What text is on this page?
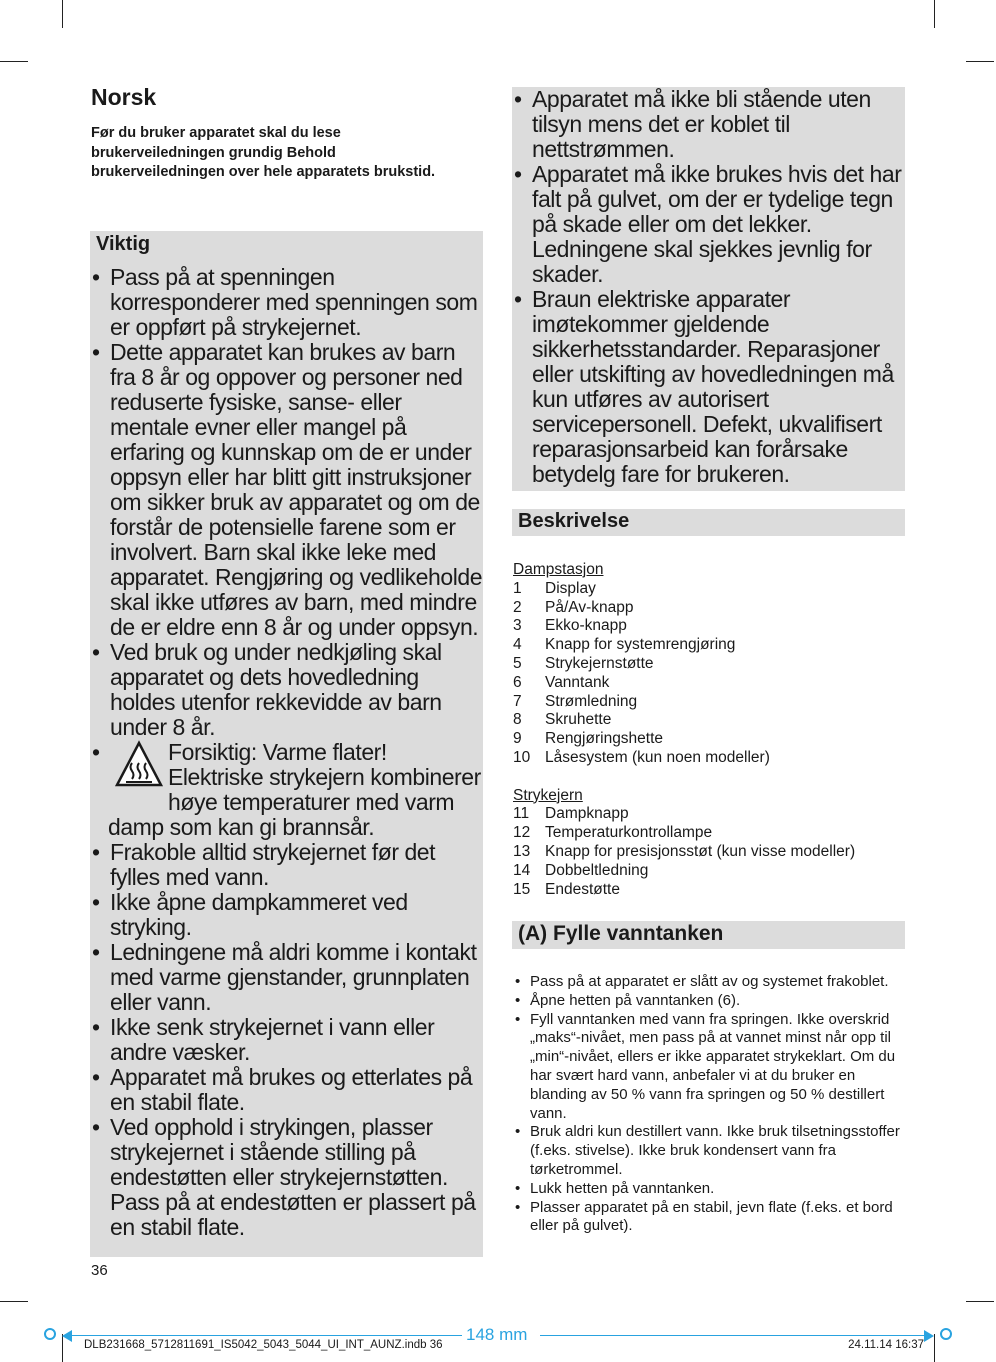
Norsk
Før du bruker apparatet skal du lese brukerveiledningen grundig Behold brukerveiledningen over hele apparatets brukstid.
Viktig
• Pass på at spenningen korresponderer med spenningen som er oppført på strykejernet.
• Dette apparatet kan brukes av barn fra 8 år og oppover og personer ned reduserte fysiske, sanse- eller mentale evner eller mangel på erfaring og kunnskap om de er under oppsyn eller har blitt gitt instruksjoner om sikker bruk av apparatet og om de forstår de potensielle farene som er involvert. Barn skal ikke leke med apparatet. Rengjøring og vedlikeholde skal ikke utføres av barn, med mindre de er eldre enn 8 år og under oppsyn.
• Ved bruk og under nedkjøling skal apparatet og dets hovedledning holdes utenfor rekkevidde av barn under 8 år.
• Forsiktig: Varme flater! Elektriske strykejern kombinerer høye temperaturer med varm damp som kan gi brannsår.
• Frakoble alltid strykejernet før det fylles med vann.
• Ikke åpne dampkammeret ved stryking.
• Ledningene må aldri komme i kontakt med varme gjenstander, grunnplaten eller vann.
• Ikke senk strykejernet i vann eller andre væsker.
• Apparatet må brukes og etterlates på en stabil flate.
• Ved opphold i strykingen, plasser strykejernet i stående stilling på endestøtten eller strykejernstøtten. Pass på at endestøtten er plassert på en stabil flate.
• Apparatet må ikke bli stående uten tilsyn mens det er koblet til nettstrømmen.
• Apparatet må ikke brukes hvis det har falt på gulvet, om der er tydelige tegn på skade eller om det lekker. Ledningene skal sjekkes jevnlig for skader.
• Braun elektriske apparater imøtekommer gjeldende sikkerhetsstandarder. Reparasjoner eller utskifting av hovedledningen må kun utføres av autorisert servicepersonell. Defekt, ukvalifisert reparasjonsarbeid kan forårsake betydelg fare for brukeren.
Beskrivelse
Dampstasjon
1	Display
2	På/Av-knapp
3	Ekko-knapp
4	Knapp for systemrengjøring
5	Strykejernstøtte
6	Vanntank
7	Strømledning
8	Skruhette
9	Rengjøringshette
10 Låsesystem (kun noen modeller)
Strykejern
11	Dampknapp
12 Temperaturkontrollampe
13 Knapp for presisjonsstøt (kun visse modeller)
14 Dobbeltledning
15 Endestøtte
(A) Fylle vanntanken
• Pass på at apparatet er slått av og systemet frakoblet.
• Åpne hetten på vanntanken (6).
• Fyll vanntanken med vann fra springen. Ikke overskrid „maks“-nivået, men pass på at vannet minst når opp til „min“-nivået, ellers er ikke apparatet strykeklart. Om du har svært hard vann, anbefaler vi at du bruker en blanding av 50 % vann fra springen og 50 % destillert vann.
• Bruk aldri kun destillert vann. Ikke bruk tilsetningsstoffer (f.eks. stivelse). Ikke bruk kondensert vann fra tørketrommel.
• Lukk hetten på vanntanken.
• Plasser apparatet på en stabil, jevn flate (f.eks. et bord eller på gulvet).
36
148 mm
DLB231668_5712811691_IS5042_5043_5044_UI_INT_AUNZ.indb 36	24.11.14 16:37
